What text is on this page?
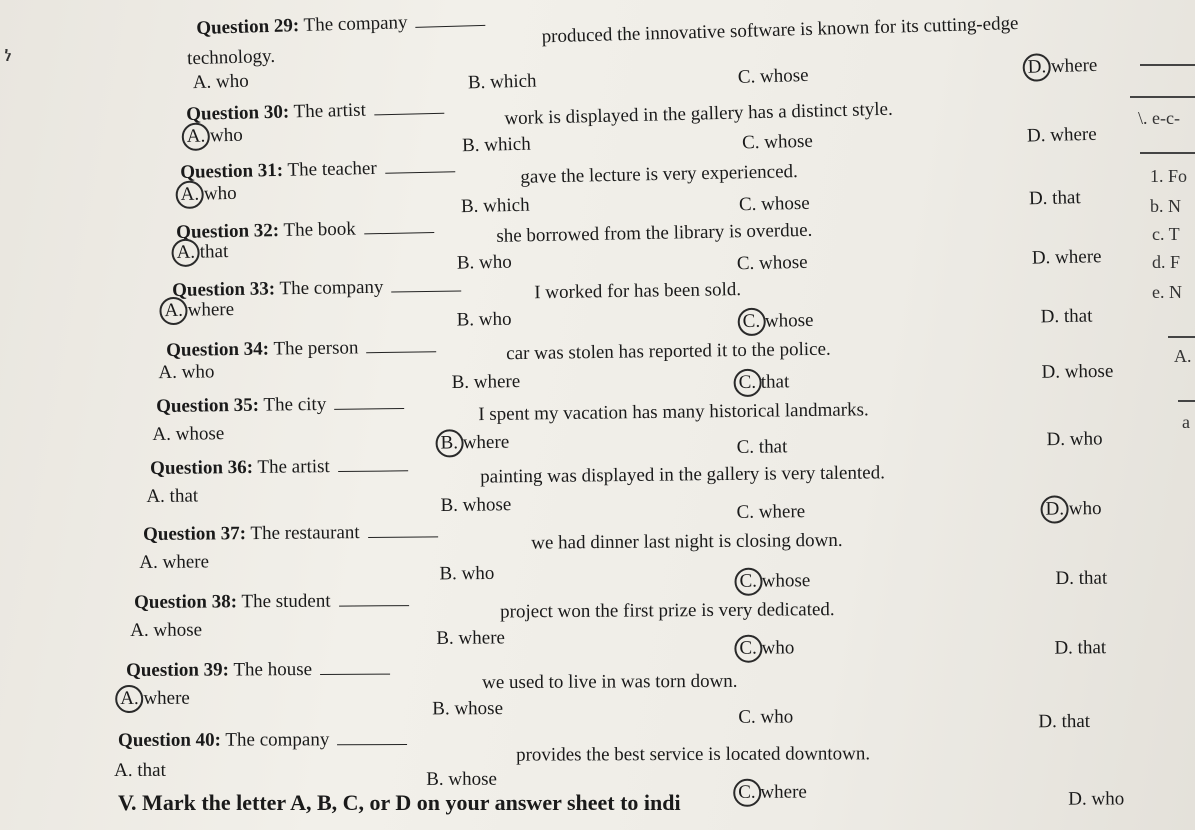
ነ
Question 29: The company	produced the innovative software is known for its cutting-edge
technology.
A. who	B. which	C. whose	D. where
Question 30: The artist	work is displayed in the gallery has a distinct style.
A. who	B. which	C. whose	D. where
Question 31: The teacher	gave the lecture is very experienced.
A. who
B. which	C. whose	D. that
Question 32: The book	she borrowed from the library is overdue.
A. that	B. who	C. whose	D. where
Question 33: The company	I worked for has been sold.
A. where	B. who	C. whose	D. that
Question 34: The person	car was stolen has reported it to the police.
A. who	B. where	C. that	D. whose
Question 35: The city	I spent my vacation has many historical landmarks.
A. whose	B. where	C. that	D. who
Question 36: The artist	painting was displayed in the gallery is very talented.
A. that	B. whose	C. where	D. who
Question 37: The restaurant	we had dinner last night is closing down.
A. where
B. who	C. whose	D. that
Question 38: The student	project won the first prize is very dedicated.
A. whose	B. where	C. who	D. that
Question 39: The house
we used to live in was torn down.
A. where	B. whose	C. who	D. that
Question 40: The company
provides the best service is located downtown.
A. that	B. whose
C. where	D. who
\. e-c-
1. Fo
b. N
c. T
d. F
e. N
A.
a
V. Mark the letter A, B, C, or D on your answer sheet to indi
